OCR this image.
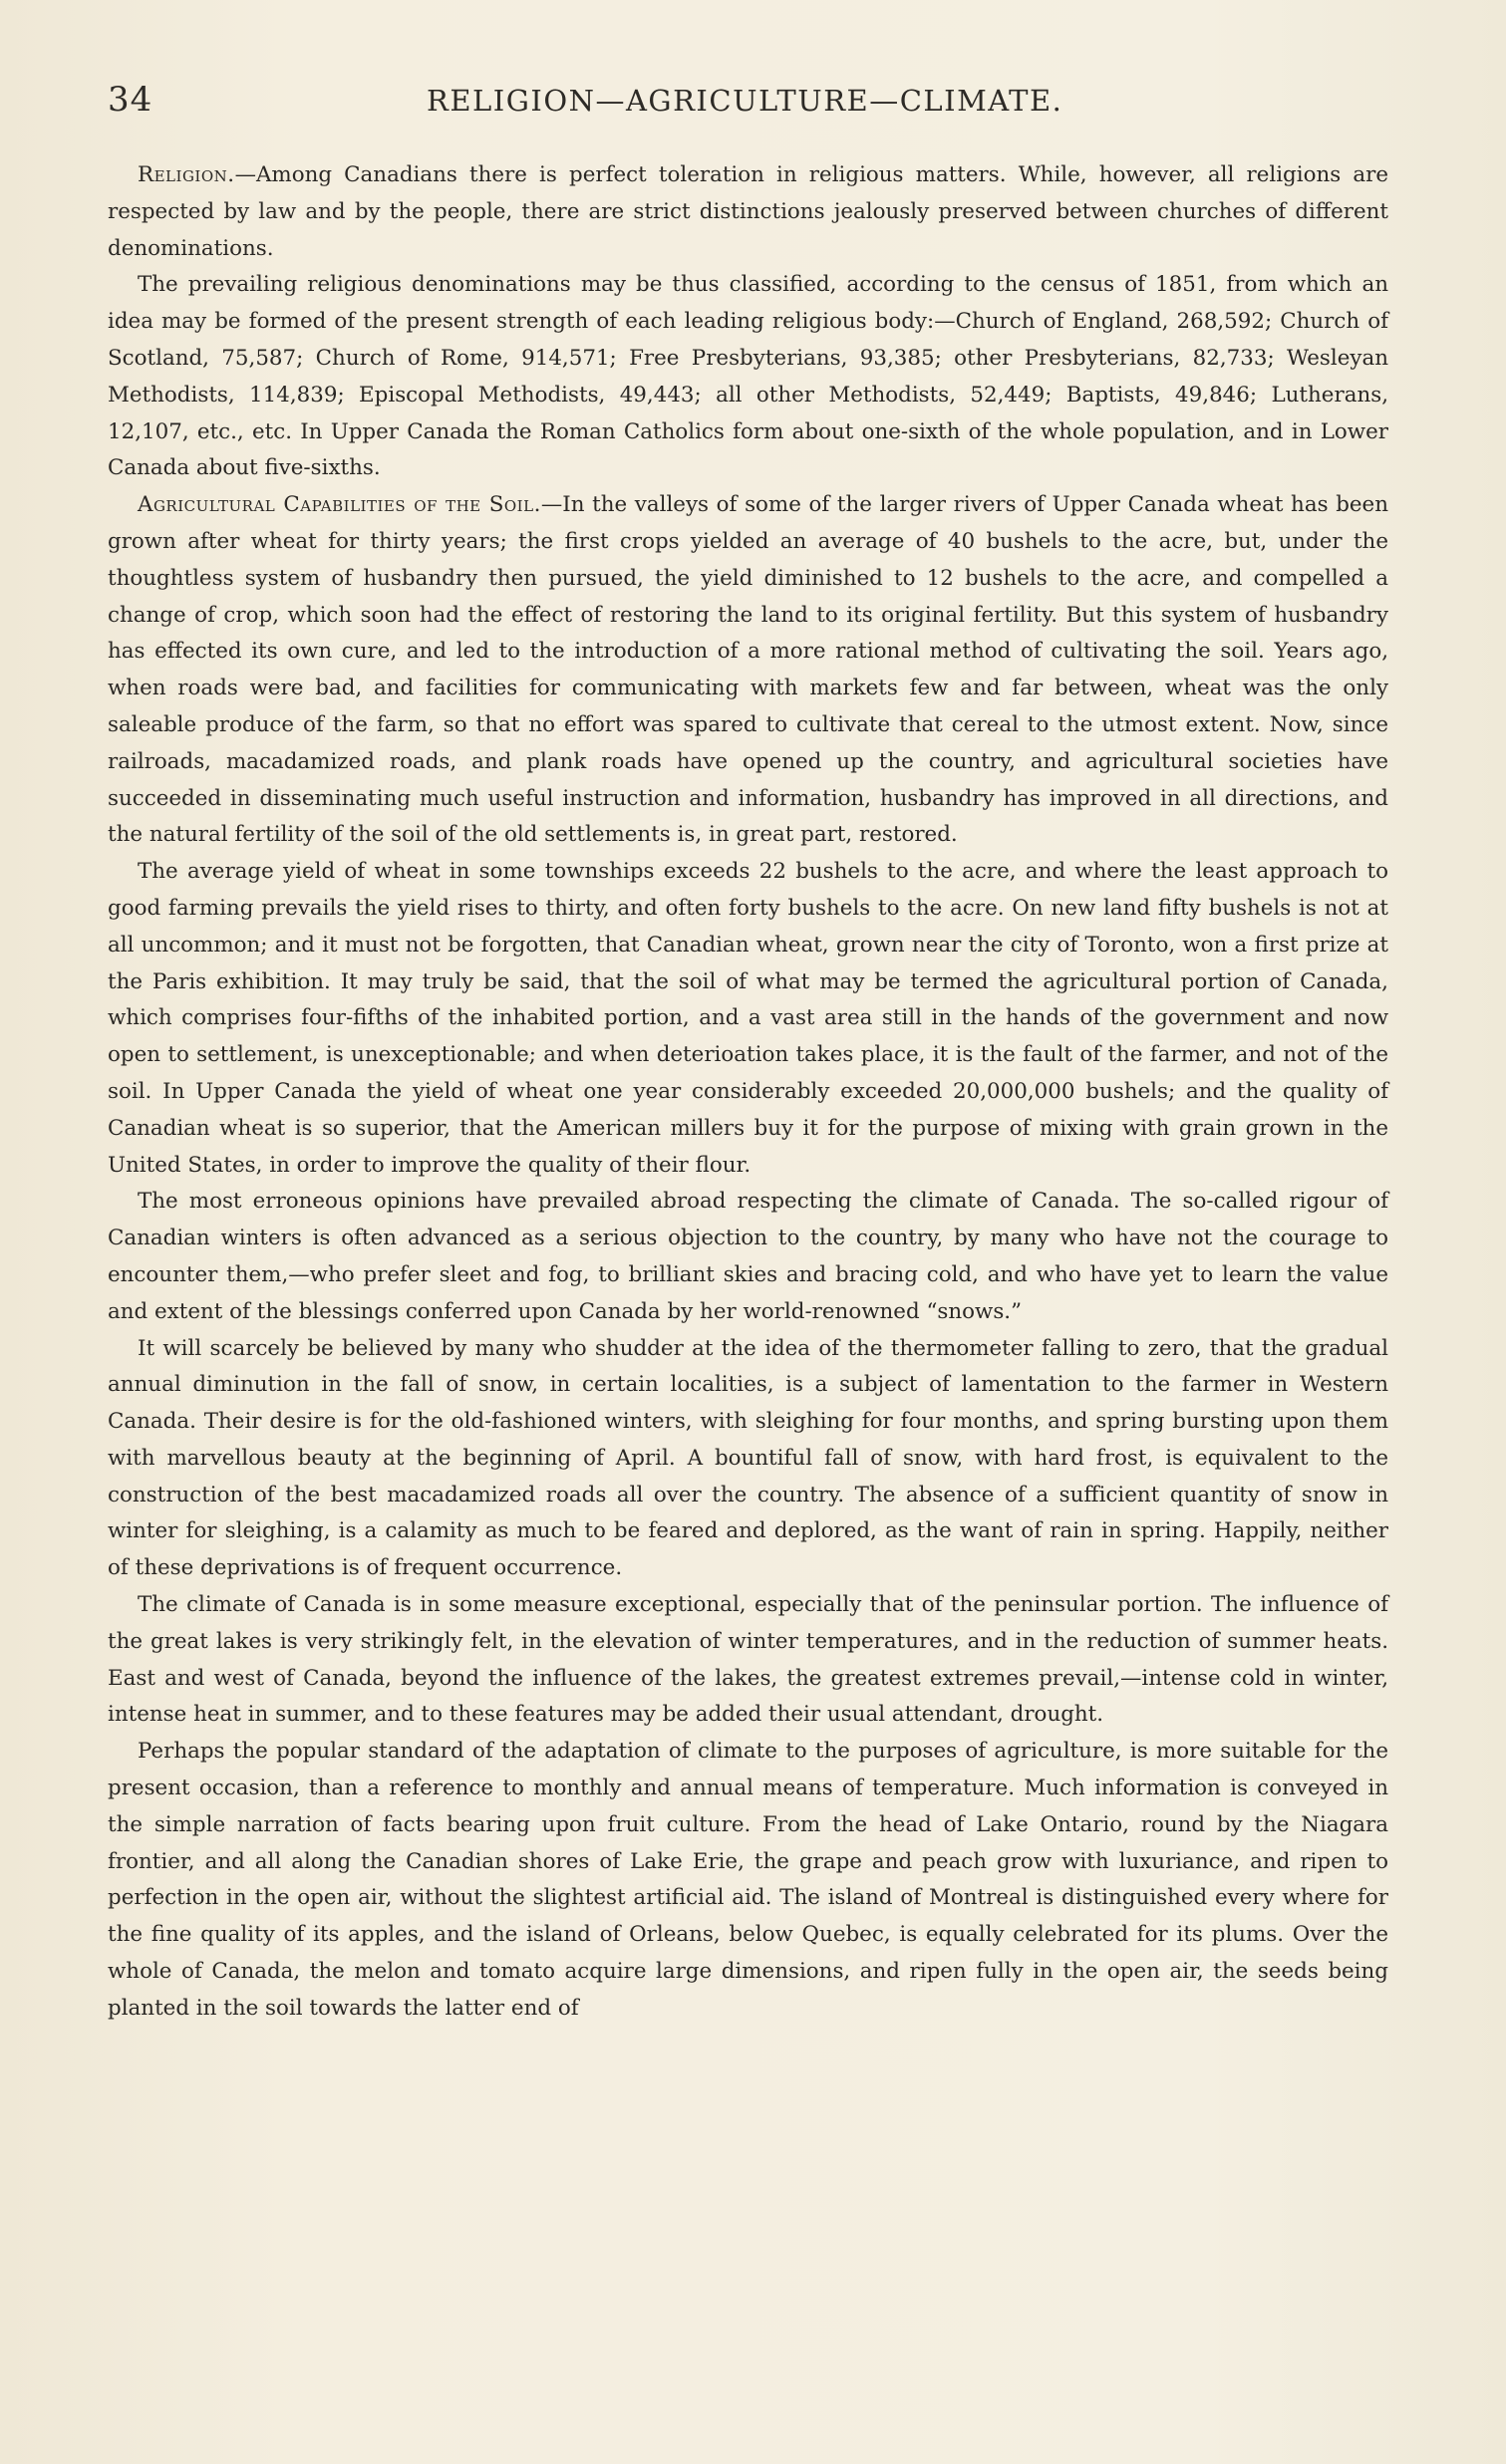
34	RELIGION—AGRICULTURE—CLIMATE.

Religion.—Among Canadians there is perfect toleration in religious matters. While, however, all religions are respected by law and by the people, there are strict distinctions jealously preserved between churches of different denominations.

The prevailing religious denominations may be thus classified, according to the census of 1851, from which an idea may be formed of the present strength of each leading religious body:—Church of England, 268,592; Church of Scotland, 75,587; Church of Rome, 914,571; Free Presbyterians, 93,385; other Presbyterians, 82,733; Wesleyan Methodists, 114,839; Episcopal Methodists, 49,443; all other Methodists, 52,449; Baptists, 49,846; Lutherans, 12,107, etc., etc. In Upper Canada the Roman Catholics form about one-sixth of the whole population, and in Lower Canada about five-sixths.

Agricultural Capabilities of the Soil.—In the valleys of some of the larger rivers of Upper Canada wheat has been grown after wheat for thirty years; the first crops yielded an average of 40 bushels to the acre, but, under the thoughtless system of husbandry then pursued, the yield diminished to 12 bushels to the acre, and compelled a change of crop, which soon had the effect of restoring the land to its original fertility. But this system of husbandry has effected its own cure, and led to the introduction of a more rational method of cultivating the soil. Years ago, when roads were bad, and facilities for communicating with markets few and far between, wheat was the only saleable produce of the farm, so that no effort was spared to cultivate that cereal to the utmost extent. Now, since railroads, macadamized roads, and plank roads have opened up the country, and agricultural societies have succeeded in disseminating much useful instruction and information, husbandry has improved in all directions, and the natural fertility of the soil of the old settlements is, in great part, restored.

The average yield of wheat in some townships exceeds 22 bushels to the acre, and where the least approach to good farming prevails the yield rises to thirty, and often forty bushels to the acre. On new land fifty bushels is not at all uncommon; and it must not be forgotten, that Canadian wheat, grown near the city of Toronto, won a first prize at the Paris exhibition. It may truly be said, that the soil of what may be termed the agricultural portion of Canada, which comprises four-fifths of the inhabited portion, and a vast area still in the hands of the government and now open to settlement, is unexceptionable; and when deterioation takes place, it is the fault of the farmer, and not of the soil. In Upper Canada the yield of wheat one year considerably exceeded 20,000,000 bushels; and the quality of Canadian wheat is so superior, that the American millers buy it for the purpose of mixing with grain grown in the United States, in order to improve the quality of their flour.

The most erroneous opinions have prevailed abroad respecting the climate of Canada. The so-called rigour of Canadian winters is often advanced as a serious objection to the country, by many who have not the courage to encounter them,—who prefer sleet and fog, to brilliant skies and bracing cold, and who have yet to learn the value and extent of the blessings conferred upon Canada by her world-renowned “snows.”

It will scarcely be believed by many who shudder at the idea of the thermometer falling to zero, that the gradual annual diminution in the fall of snow, in certain localities, is a subject of lamentation to the farmer in Western Canada. Their desire is for the old-fashioned winters, with sleighing for four months, and spring bursting upon them with marvellous beauty at the beginning of April. A bountiful fall of snow, with hard frost, is equivalent to the construction of the best macadamized roads all over the country. The absence of a sufficient quantity of snow in winter for sleighing, is a calamity as much to be feared and deplored, as the want of rain in spring. Happily, neither of these deprivations is of frequent occurrence.

The climate of Canada is in some measure exceptional, especially that of the peninsular portion. The influence of the great lakes is very strikingly felt, in the elevation of winter temperatures, and in the reduction of summer heats. East and west of Canada, beyond the influence of the lakes, the greatest extremes prevail,—intense cold in winter, intense heat in summer, and to these features may be added their usual attendant, drought.

Perhaps the popular standard of the adaptation of climate to the purposes of agriculture, is more suitable for the present occasion, than a reference to monthly and annual means of temperature. Much information is conveyed in the simple narration of facts bearing upon fruit culture. From the head of Lake Ontario, round by the Niagara frontier, and all along the Canadian shores of Lake Erie, the grape and peach grow with luxuriance, and ripen to perfection in the open air, without the slightest artificial aid. The island of Montreal is distinguished every where for the fine quality of its apples, and the island of Orleans, below Quebec, is equally celebrated for its plums. Over the whole of Canada, the melon and tomato acquire large dimensions, and ripen fully in the open air, the seeds being planted in the soil towards the latter end of
